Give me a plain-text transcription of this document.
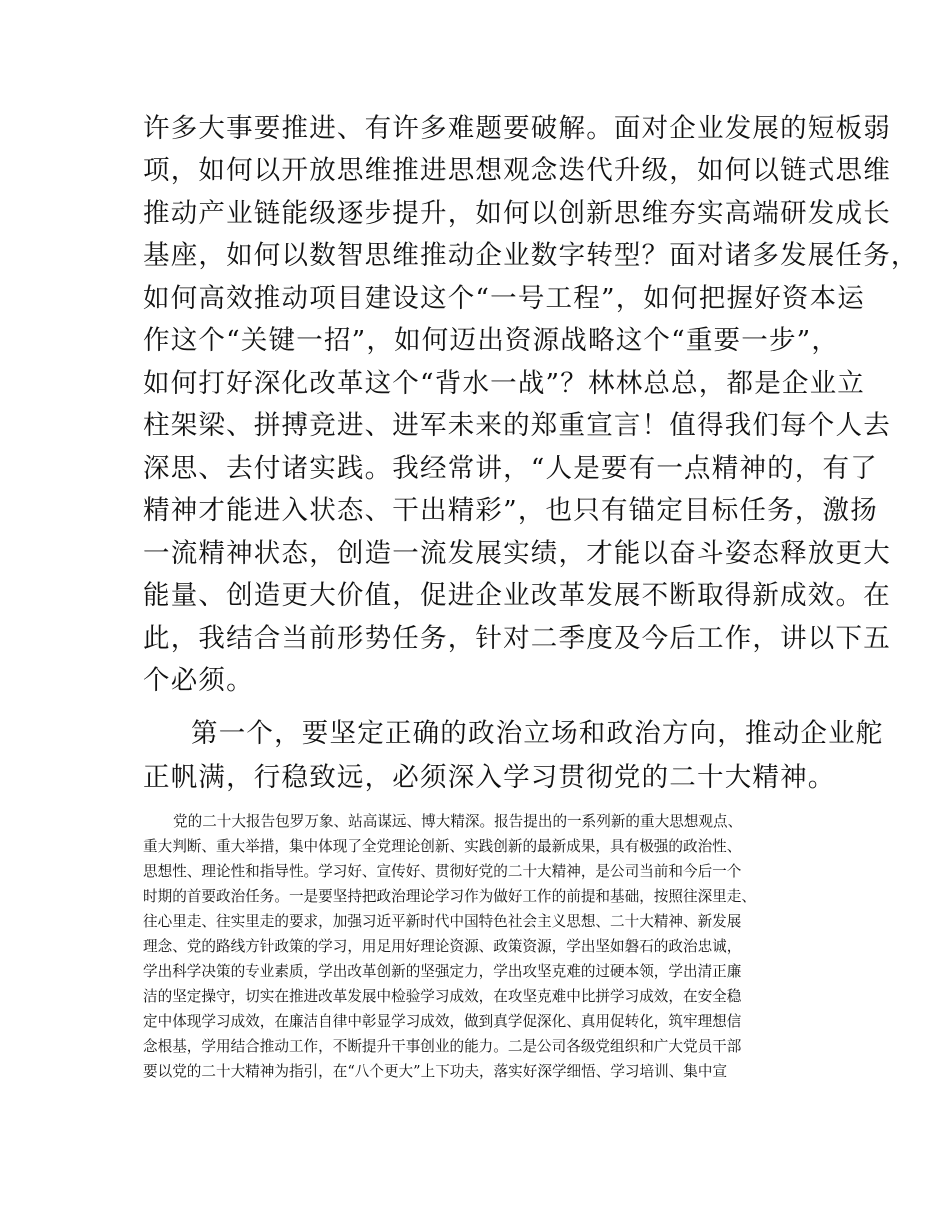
许多大事要推进、有许多难题要破解。面对企业发展的短板弱
项，如何以开放思维推进思想观念迭代升级，如何以链式思维
推动产业链能级逐步提升，如何以创新思维夯实高端研发成长
基座，如何以数智思维推动企业数字转型？面对诸多发展任务，
如何高效推动项目建设这个“一号工程”，如何把握好资本运
作这个“关键一招”，如何迈出资源战略这个“重要一步”，
如何打好深化改革这个“背水一战”？林林总总，都是企业立
柱架梁、拼搏竞进、进军未来的郑重宣言！值得我们每个人去
深思、去付诸实践。我经常讲，“人是要有一点精神的，有了
精神才能进入状态、干出精彩”，也只有锚定目标任务，激扬
一流精神状态，创造一流发展实绩，才能以奋斗姿态释放更大
能量、创造更大价值，促进企业改革发展不断取得新成效。在
此，我结合当前形势任务，针对二季度及今后工作，讲以下五
个必须。
第一个，要坚定正确的政治立场和政治方向，推动企业舵
正帆满，行稳致远，必须深入学习贯彻党的二十大精神。
党的二十大报告包罗万象、站高谋远、博大精深。报告提出的一系列新的重大思想观点、
重大判断、重大举措，集中体现了全党理论创新、实践创新的最新成果，具有极强的政治性、
思想性、理论性和指导性。学习好、宣传好、贯彻好党的二十大精神，是公司当前和今后一个
时期的首要政治任务。一是要坚持把政治理论学习作为做好工作的前提和基础，按照往深里走、
往心里走、往实里走的要求，加强习近平新时代中国特色社会主义思想、二十大精神、新发展
理念、党的路线方针政策的学习，用足用好理论资源、政策资源，学出坚如磐石的政治忠诚，
学出科学决策的专业素质，学出改革创新的坚强定力，学出攻坚克难的过硬本领，学出清正廉
洁的坚定操守，切实在推进改革发展中检验学习成效，在攻坚克难中比拼学习成效，在安全稳
定中体现学习成效，在廉洁自律中彰显学习成效，做到真学促深化、真用促转化，筑牢理想信
念根基，学用结合推动工作，不断提升干事创业的能力。二是公司各级党组织和广大党员干部
要以党的二十大精神为指引，在“八个更大”上下功夫，落实好深学细悟、学习培训、集中宣
